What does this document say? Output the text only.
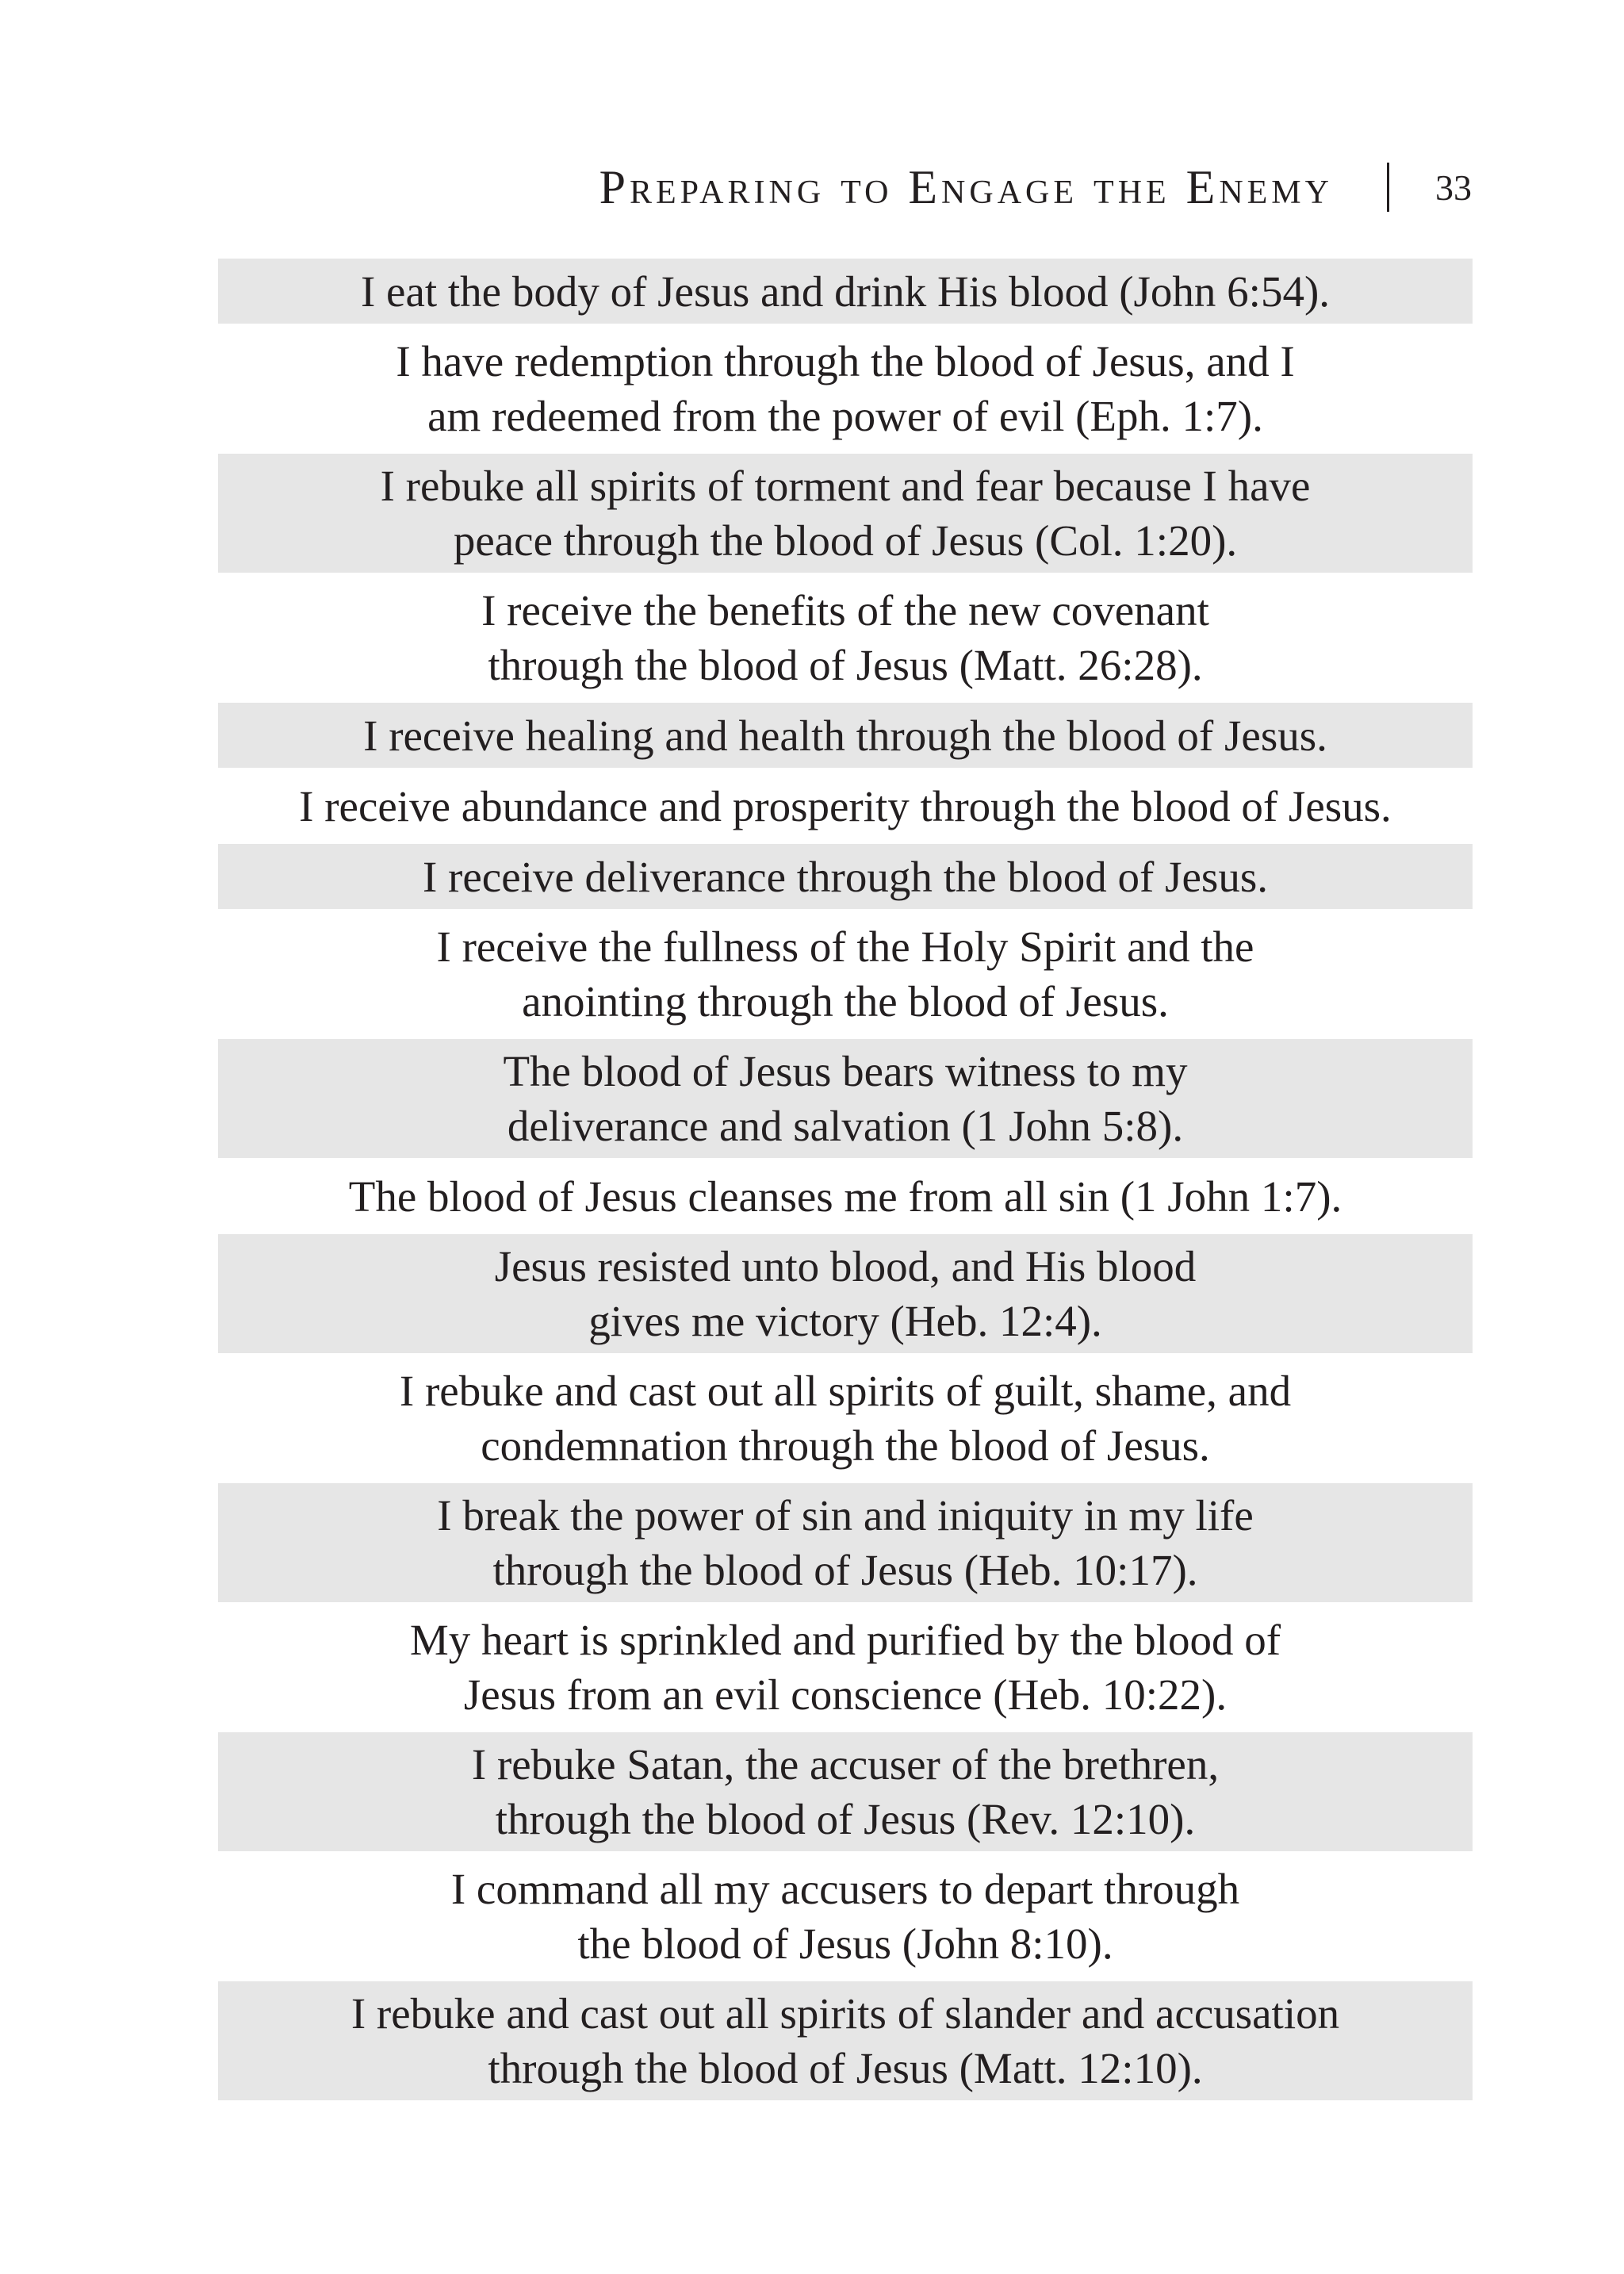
Preparing to Engage the Enemy	33
I eat the body of Jesus and drink His blood (John 6:54).
I have redemption through the blood of Jesus, and I
am redeemed from the power of evil (Eph. 1:7).
I rebuke all spirits of torment and fear because I have
peace through the blood of Jesus (Col. 1:20).
I receive the benefits of the new covenant
through the blood of Jesus (Matt. 26:28).
I receive healing and health through the blood of Jesus.
I receive abundance and prosperity through the blood of Jesus.
I receive deliverance through the blood of Jesus.
I receive the fullness of the Holy Spirit and the
anointing through the blood of Jesus.
The blood of Jesus bears witness to my
deliverance and salvation (1 John 5:8).
The blood of Jesus cleanses me from all sin (1 John 1:7).
Jesus resisted unto blood, and His blood
gives me victory (Heb. 12:4).
I rebuke and cast out all spirits of guilt, shame, and
condemnation through the blood of Jesus.
I break the power of sin and iniquity in my life
through the blood of Jesus (Heb. 10:17).
My heart is sprinkled and purified by the blood of
Jesus from an evil conscience (Heb. 10:22).
I rebuke Satan, the accuser of the brethren,
through the blood of Jesus (Rev. 12:10).
I command all my accusers to depart through
the blood of Jesus (John 8:10).
I rebuke and cast out all spirits of slander and accusation
through the blood of Jesus (Matt. 12:10).
